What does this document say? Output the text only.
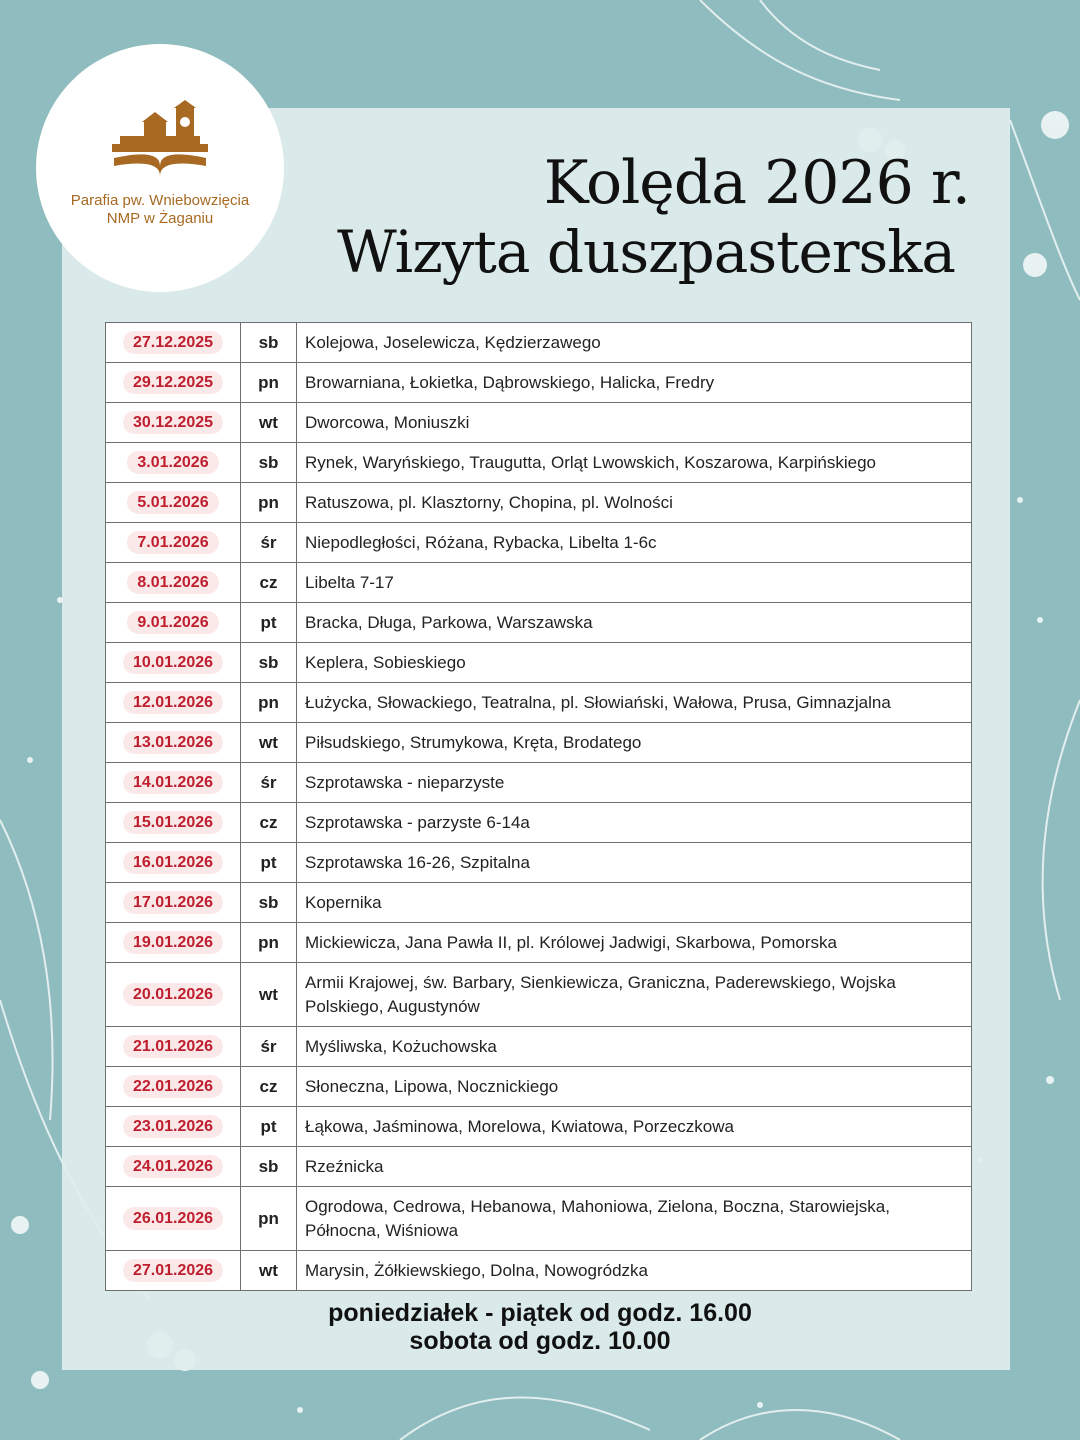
Parafia pw. Wniebowzięcia
NMP w Żaganiu
Kolęda 2026 r.
Wizyta duszpasterska
27.12.2025	sb	Kolejowa, Joselewicza, Kędzierzawego
29.12.2025	pn	Browarniana, Łokietka, Dąbrowskiego, Halicka, Fredry
30.12.2025	wt	Dworcowa, Moniuszki
3.01.2026	sb	Rynek, Waryńskiego, Traugutta, Orląt Lwowskich, Koszarowa, Karpińskiego
5.01.2026	pn	Ratuszowa, pl. Klasztorny, Chopina, pl. Wolności
7.01.2026	śr	Niepodległości, Różana, Rybacka, Libelta 1-6c
8.01.2026	cz	Libelta 7-17
9.01.2026	pt	Bracka, Długa, Parkowa, Warszawska
10.01.2026	sb	Keplera, Sobieskiego
12.01.2026	pn	Łużycka, Słowackiego, Teatralna, pl. Słowiański, Wałowa, Prusa, Gimnazjalna
13.01.2026	wt	Piłsudskiego, Strumykowa, Kręta, Brodatego
14.01.2026	śr	Szprotawska - nieparzyste
15.01.2026	cz	Szprotawska - parzyste 6-14a
16.01.2026	pt	Szprotawska 16-26, Szpitalna
17.01.2026	sb	Kopernika
19.01.2026	pn	Mickiewicza, Jana Pawła II, pl. Królowej Jadwigi, Skarbowa, Pomorska
20.01.2026	wt	Armii Krajowej, św. Barbary, Sienkiewicza, Graniczna, Paderewskiego, Wojska Polskiego, Augustynów
21.01.2026	śr	Myśliwska, Kożuchowska
22.01.2026	cz	Słoneczna, Lipowa, Nocznickiego
23.01.2026	pt	Łąkowa, Jaśminowa, Morelowa, Kwiatowa, Porzeczkowa
24.01.2026	sb	Rzeźnicka
26.01.2026	pn	Ogrodowa, Cedrowa, Hebanowa, Mahoniowa, Zielona, Boczna, Starowiejska, Północna, Wiśniowa
27.01.2026	wt	Marysin, Żółkiewskiego, Dolna, Nowogródzka
poniedziałek - piątek od godz. 16.00
sobota od godz. 10.00
